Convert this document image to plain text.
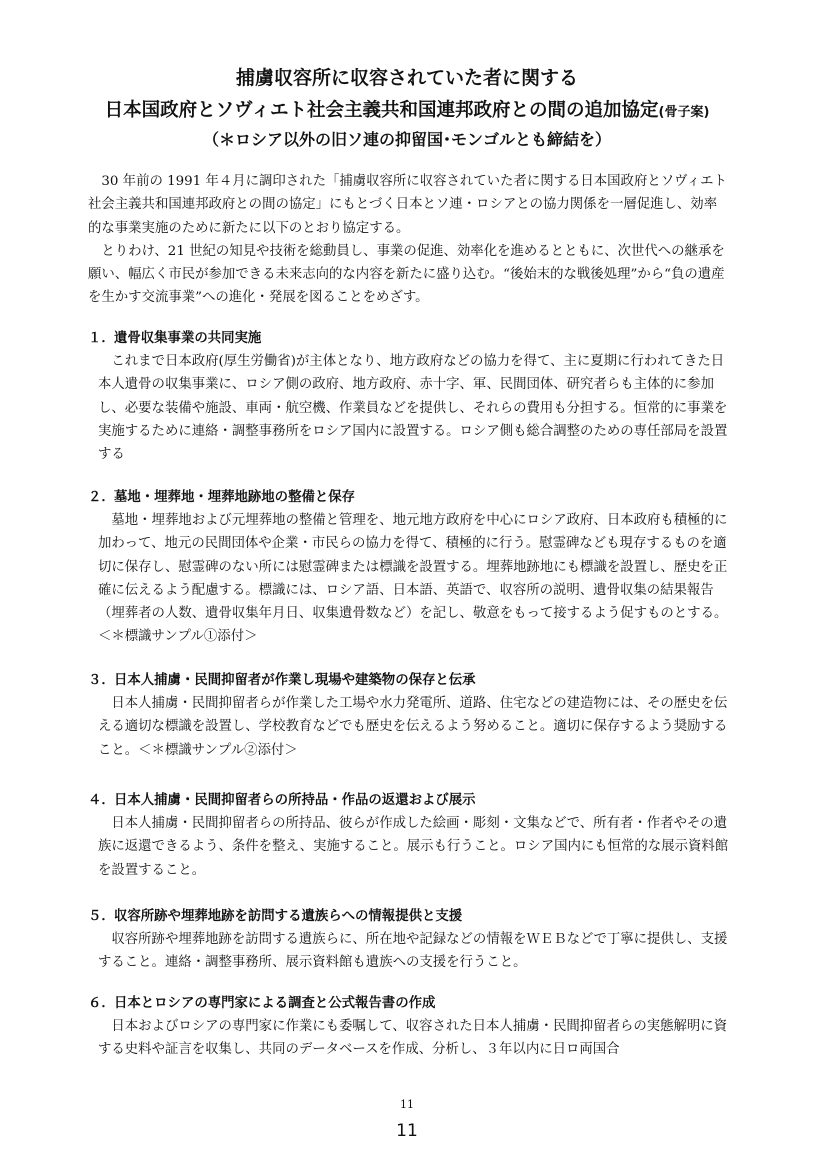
捕虜収容所に収容されていた者に関する
日本国政府とソヴィエト社会主義共和国連邦政府との間の追加協定(骨子案)
（＊ロシア以外の旧ソ連の抑留国･モンゴルとも締結を）

30 年前の 1991 年４月に調印された「捕虜収容所に収容されていた者に関する日本国政府とソヴィエト社会主義共和国連邦政府との間の協定」にもとづく日本とソ連・ロシアとの協力関係を一層促進し、効率的な事業実施のために新たに以下のとおり協定する。

とりわけ、21 世紀の知見や技術を総動員し、事業の促進、効率化を進めるとともに、次世代への継承を願い、幅広く市民が参加できる未来志向的な内容を新たに盛り込む。“後始末的な戦後処理”から“負の遺産を生かす交流事業”への進化・発展を図ることをめざす。

１．遺骨収集事業の共同実施

これまで日本政府(厚生労働省)が主体となり、地方政府などの協力を得て、主に夏期に行われてきた日本人遺骨の収集事業に、ロシア側の政府、地方政府、赤十字、軍、民間団体、研究者らも主体的に参加し、必要な装備や施設、車両・航空機、作業員などを提供し、それらの費用も分担する。恒常的に事業を実施するために連絡・調整事務所をロシア国内に設置する。ロシア側も総合調整のための専任部局を設置する

２．墓地・埋葬地・埋葬地跡地の整備と保存

墓地・埋葬地および元埋葬地の整備と管理を、地元地方政府を中心にロシア政府、日本政府も積極的に加わって、地元の民間団体や企業・市民らの協力を得て、積極的に行う。慰霊碑なども現存するものを適切に保存し、慰霊碑のない所には慰霊碑または標識を設置する。埋葬地跡地にも標識を設置し、歴史を正確に伝えるよう配慮する。標識には、ロシア語、日本語、英語で、収容所の説明、遺骨収集の結果報告（埋葬者の人数、遺骨収集年月日、収集遺骨数など）を記し、敬意をもって接するよう促すものとする。＜＊標識サンプル①添付＞

３．日本人捕虜・民間抑留者が作業し現場や建築物の保存と伝承

日本人捕虜・民間抑留者らが作業した工場や水力発電所、道路、住宅などの建造物には、その歴史を伝える適切な標識を設置し、学校教育などでも歴史を伝えるよう努めること。適切に保存するよう奨励すること。＜＊標識サンプル②添付＞

４．日本人捕虜・民間抑留者らの所持品・作品の返還および展示

日本人捕虜・民間抑留者らの所持品、彼らが作成した絵画・彫刻・文集などで、所有者・作者やその遺族に返還できるよう、条件を整え、実施すること。展示も行うこと。ロシア国内にも恒常的な展示資料館を設置すること。

５．収容所跡や埋葬地跡を訪問する遺族らへの情報提供と支援

収容所跡や埋葬地跡を訪問する遺族らに、所在地や記録などの情報をＷＥＢなどで丁寧に提供し、支援すること。連絡・調整事務所、展示資料館も遺族への支援を行うこと。

６．日本とロシアの専門家による調査と公式報告書の作成

日本およびロシアの専門家に作業にも委嘱して、収容された日本人捕虜・民間抑留者らの実態解明に資する史料や証言を収集し、共同のデータベースを作成、分析し、３年以内に日ロ両国合

11
11
